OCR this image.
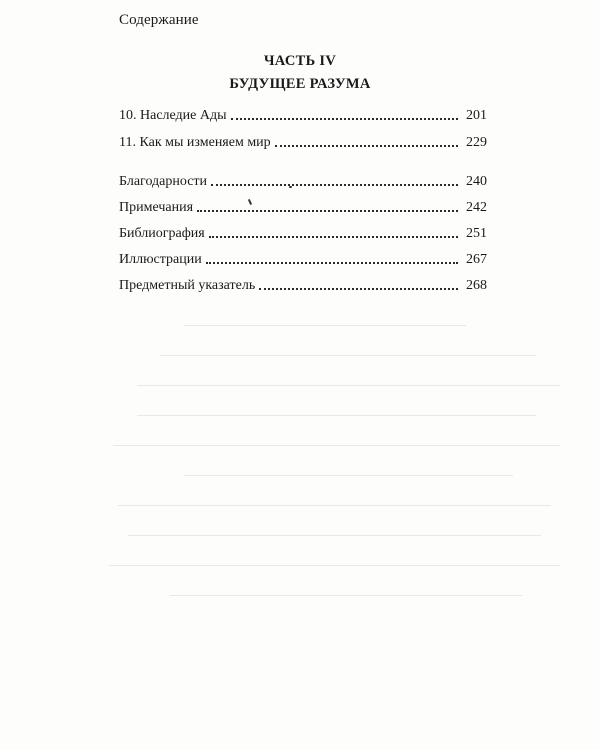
Содержание
ЧАСТЬ IV
БУДУЩЕЕ РАЗУМА
10. Наследие Ады	201
11. Как мы изменяем мир	229
Благодарности	240
Примечания	242
Библиография	251
Иллюстрации	267
Предметный указатель	268
